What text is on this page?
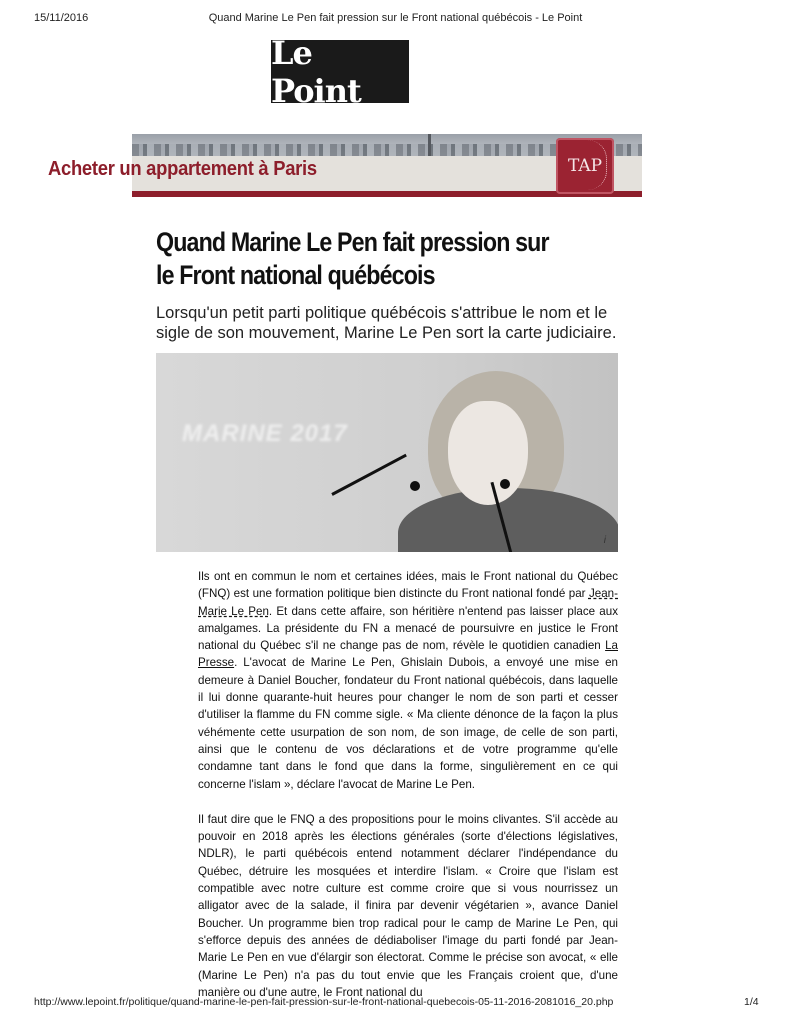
15/11/2016	Quand Marine Le Pen fait pression sur le Front national québécois - Le Point
Le Point
Acheter un appartement à Paris	TAP
Quand Marine Le Pen fait pression sur le Front national québécois

Lorsqu'un petit parti politique québécois s'attribue le nom et le sigle de son mouvement, Marine Le Pen sort la carte judiciaire.

MARINE 2017
i

Ils ont en commun le nom et certaines idées, mais le Front national du Québec (FNQ) est une formation politique bien distincte du Front national fondé par Jean-Marie Le Pen. Et dans cette affaire, son héritière n'entend pas laisser place aux amalgames. La présidente du FN a menacé de poursuivre en justice le Front national du Québec s'il ne change pas de nom, révèle le quotidien canadien La Presse. L'avocat de Marine Le Pen, Ghislain Dubois, a envoyé une mise en demeure à Daniel Boucher, fondateur du Front national québécois, dans laquelle il lui donne quarante-huit heures pour changer le nom de son parti et cesser d'utiliser la flamme du FN comme sigle. « Ma cliente dénonce de la façon la plus véhémente cette usurpation de son nom, de son image, de celle de son parti, ainsi que le contenu de vos déclarations et de votre programme qu'elle condamne tant dans le fond que dans la forme, singulièrement en ce qui concerne l'islam », déclare l'avocat de Marine Le Pen.

Il faut dire que le FNQ a des propositions pour le moins clivantes. S'il accède au pouvoir en 2018 après les élections générales (sorte d'élections législatives, NDLR), le parti québécois entend notamment déclarer l'indépendance du Québec, détruire les mosquées et interdire l'islam. « Croire que l'islam est compatible avec notre culture est comme croire que si vous nourrissez un alligator avec de la salade, il finira par devenir végétarien », avance Daniel Boucher. Un programme bien trop radical pour le camp de Marine Le Pen, qui s'efforce depuis des années de dédiaboliser l'image du parti fondé par Jean-Marie Le Pen en vue d'élargir son électorat. Comme le précise son avocat, « elle (Marine Le Pen) n'a pas du tout envie que les Français croient que, d'une manière ou d'une autre, le Front national du

http://www.lepoint.fr/politique/quand-marine-le-pen-fait-pression-sur-le-front-national-quebecois-05-11-2016-2081016_20.php	1/4
